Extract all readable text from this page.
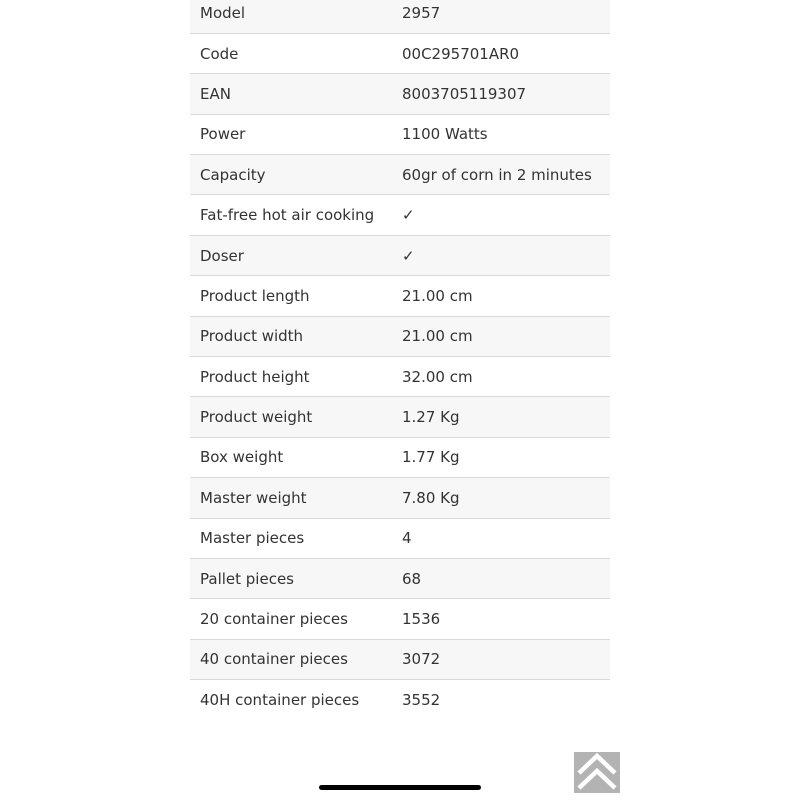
Model	2957
Code	00C295701AR0
EAN	8003705119307
Power	1100 Watts
Capacity	60gr of corn in 2 minutes
Fat-free hot air cooking	✓
Doser	✓
Product length	21.00 cm
Product width	21.00 cm
Product height	32.00 cm
Product weight	1.27 Kg
Box weight	1.77 Kg
Master weight	7.80 Kg
Master pieces	4
Pallet pieces	68
20 container pieces	1536
40 container pieces	3072
40H container pieces	3552
